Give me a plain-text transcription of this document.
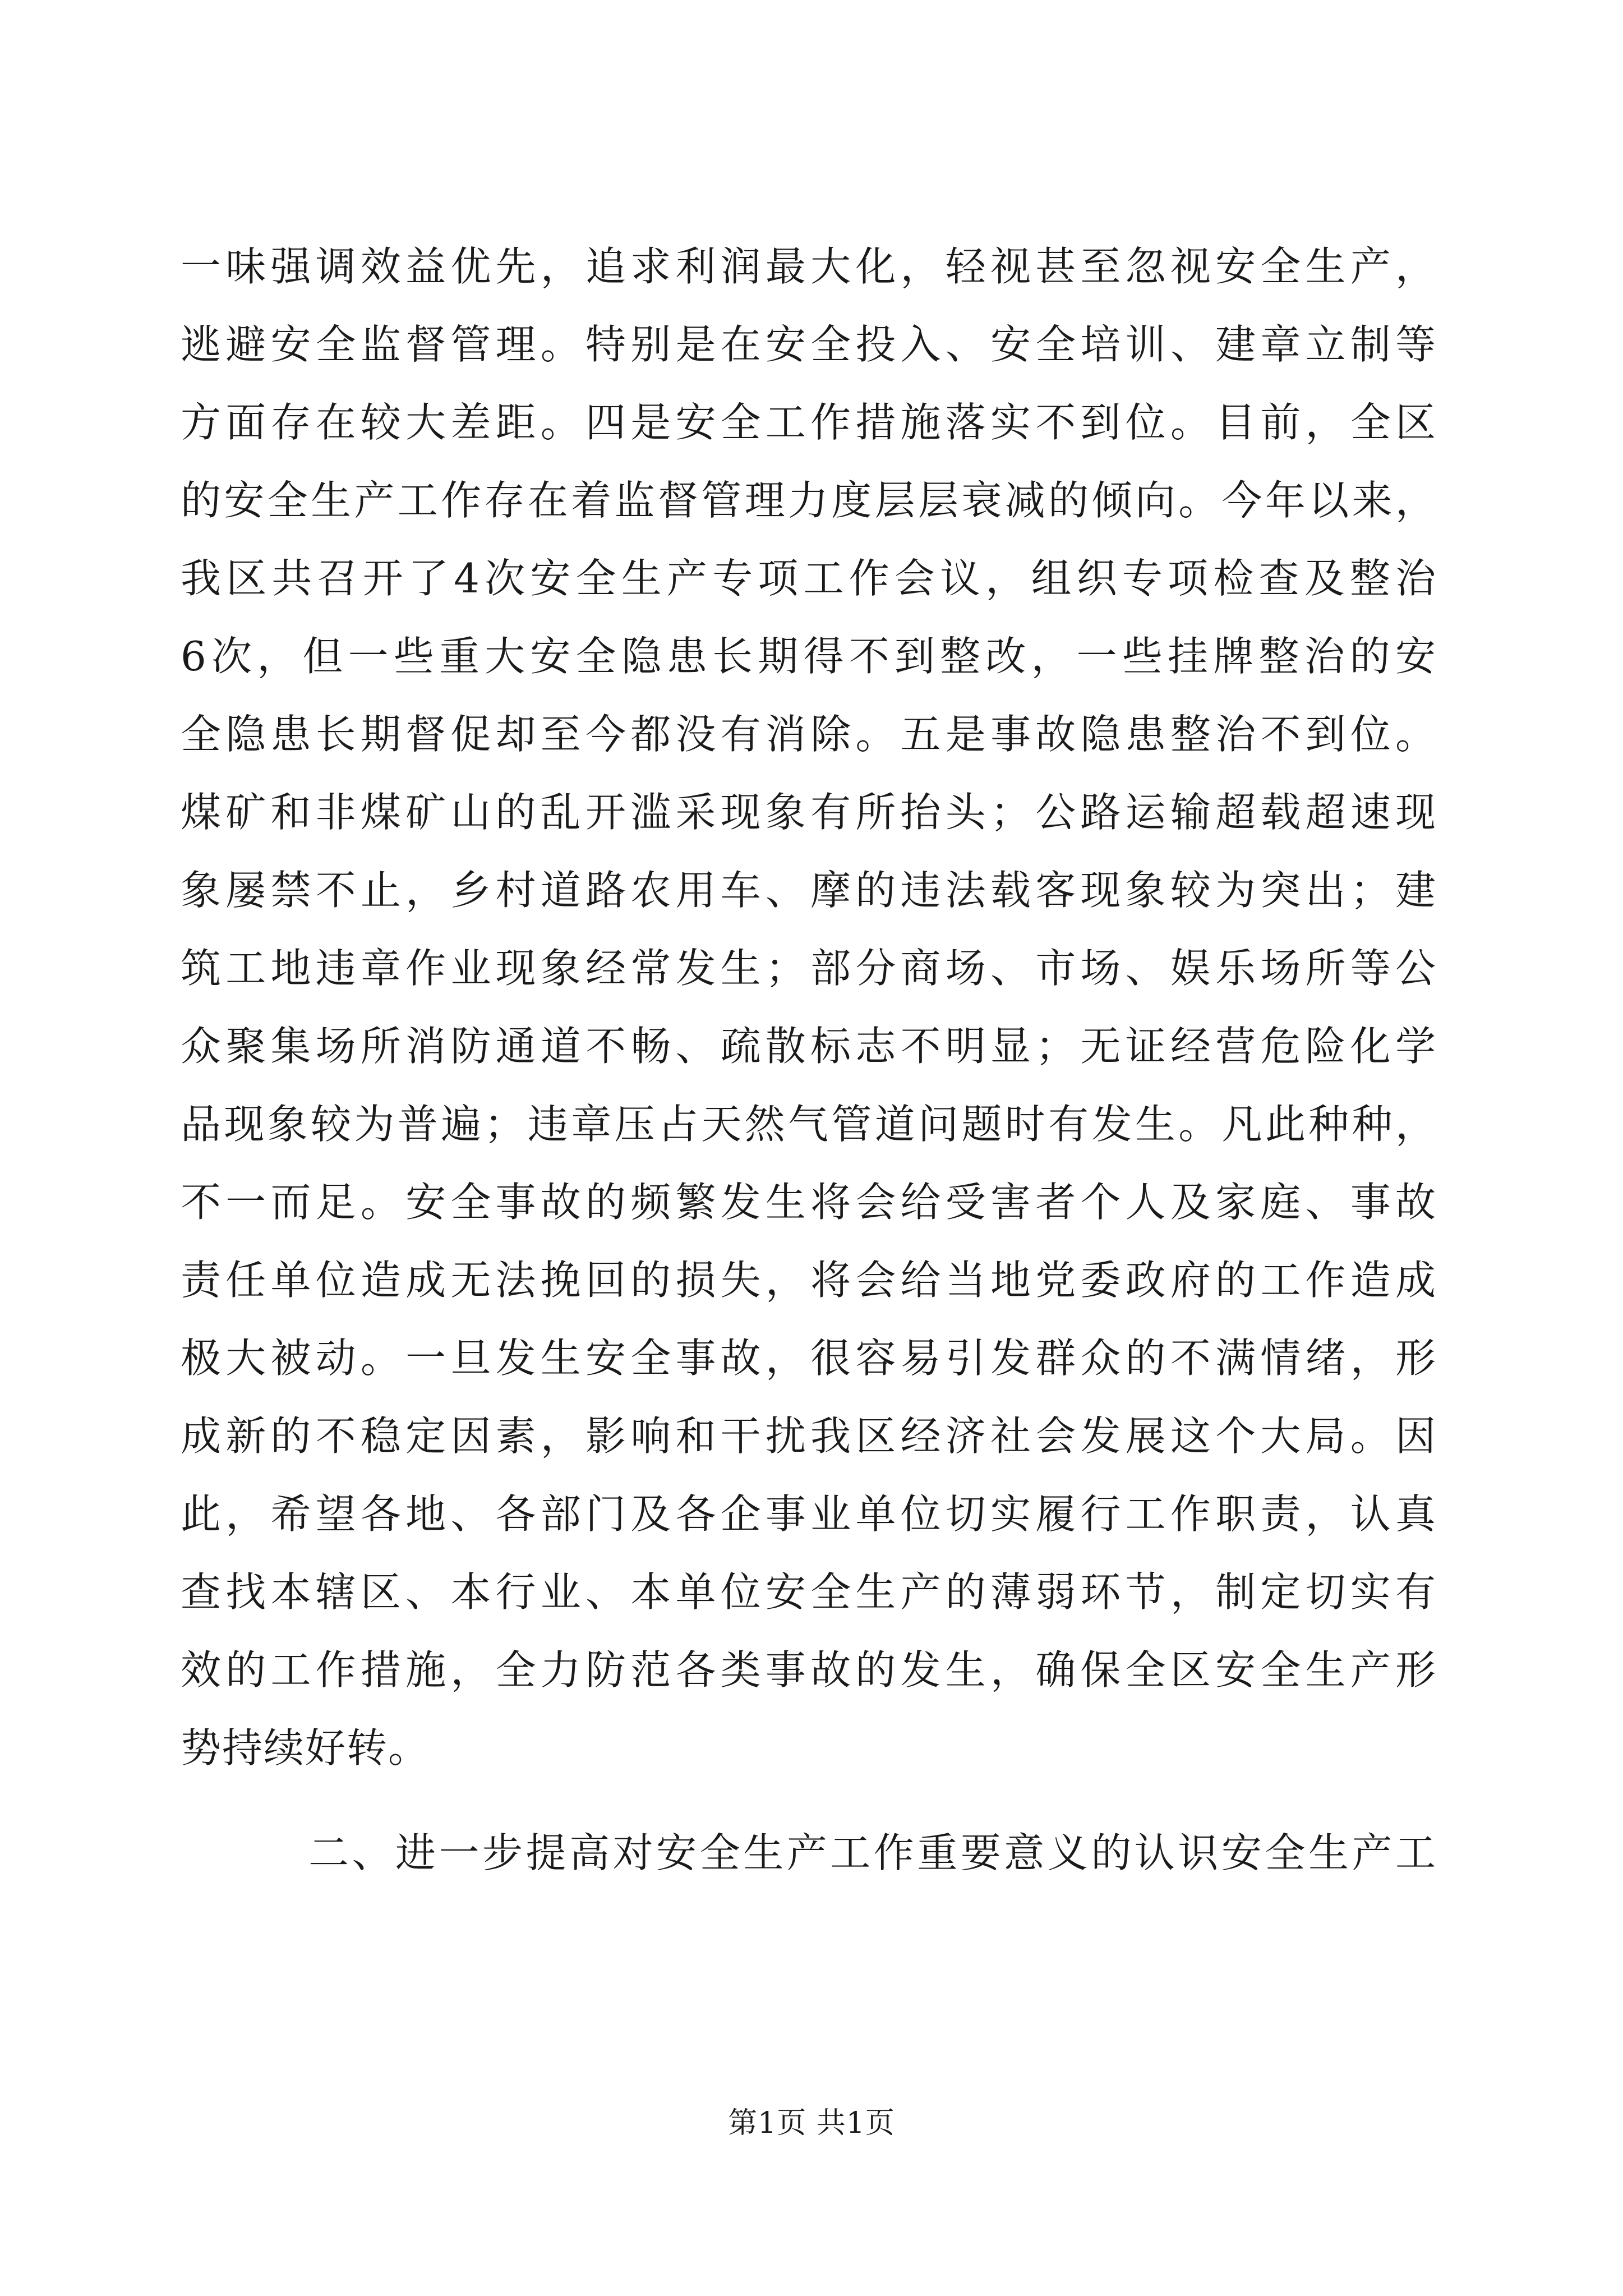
一味强调效益优先，追求利润最大化，轻视甚至忽视安全生产，
逃避安全监督管理。特别是在安全投入、安全培训、建章立制等
方面存在较大差距。四是安全工作措施落实不到位。目前，全区
的安全生产工作存在着监督管理力度层层衰减的倾向。今年以来，
我区共召开了4次安全生产专项工作会议，组织专项检查及整治
6次，但一些重大安全隐患长期得不到整改，一些挂牌整治的安
全隐患长期督促却至今都没有消除。五是事故隐患整治不到位。
煤矿和非煤矿山的乱开滥采现象有所抬头；公路运输超载超速现
象屡禁不止，乡村道路农用车、摩的违法载客现象较为突出；建
筑工地违章作业现象经常发生；部分商场、市场、娱乐场所等公
众聚集场所消防通道不畅、疏散标志不明显；无证经营危险化学
品现象较为普遍；违章压占天然气管道问题时有发生。凡此种种，
不一而足。安全事故的频繁发生将会给受害者个人及家庭、事故
责任单位造成无法挽回的损失，将会给当地党委政府的工作造成
极大被动。一旦发生安全事故，很容易引发群众的不满情绪，形
成新的不稳定因素，影响和干扰我区经济社会发展这个大局。因
此，希望各地、各部门及各企事业单位切实履行工作职责，认真
查找本辖区、本行业、本单位安全生产的薄弱环节，制定切实有
效的工作措施，全力防范各类事故的发生，确保全区安全生产形
势持续好转。
二、进一步提高对安全生产工作重要意义的认识安全生产工
第1页 共1页
